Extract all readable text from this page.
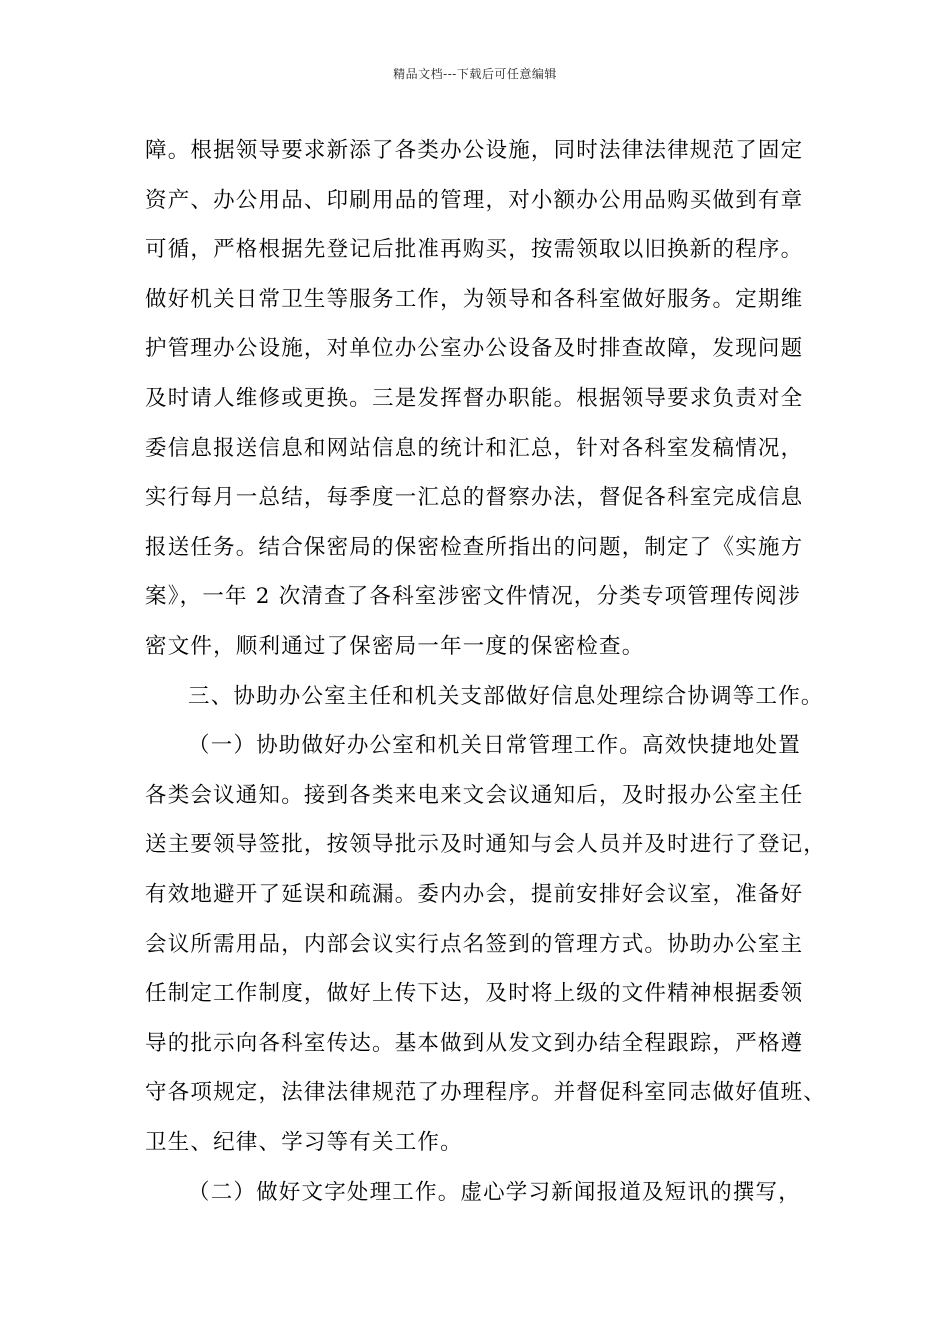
精品文档---下载后可任意编辑
障。根据领导要求新添了各类办公设施，同时法律法律规范了固定
资产、办公用品、印刷用品的管理，对小额办公用品购买做到有章
可循，严格根据先登记后批准再购买，按需领取以旧换新的程序。
做好机关日常卫生等服务工作，为领导和各科室做好服务。定期维
护管理办公设施，对单位办公室办公设备及时排查故障，发现问题
及时请人维修或更换。三是发挥督办职能。根据领导要求负责对全
委信息报送信息和网站信息的统计和汇总，针对各科室发稿情况，
实行每月一总结，每季度一汇总的督察办法，督促各科室完成信息
报送任务。结合保密局的保密检查所指出的问题，制定了《实施方
案》，一年 2 次清查了各科室涉密文件情况，分类专项管理传阅涉
密文件，顺利通过了保密局一年一度的保密检查。
三、协助办公室主任和机关支部做好信息处理综合协调等工作。
（一）协助做好办公室和机关日常管理工作。高效快捷地处置
各类会议通知。接到各类来电来文会议通知后，及时报办公室主任
送主要领导签批，按领导批示及时通知与会人员并及时进行了登记，
有效地避开了延误和疏漏。委内办会，提前安排好会议室，准备好
会议所需用品，内部会议实行点名签到的管理方式。协助办公室主
任制定工作制度，做好上传下达，及时将上级的文件精神根据委领
导的批示向各科室传达。基本做到从发文到办结全程跟踪，严格遵
守各项规定，法律法律规范了办理程序。并督促科室同志做好值班、
卫生、纪律、学习等有关工作。
（二）做好文字处理工作。虚心学习新闻报道及短讯的撰写，
